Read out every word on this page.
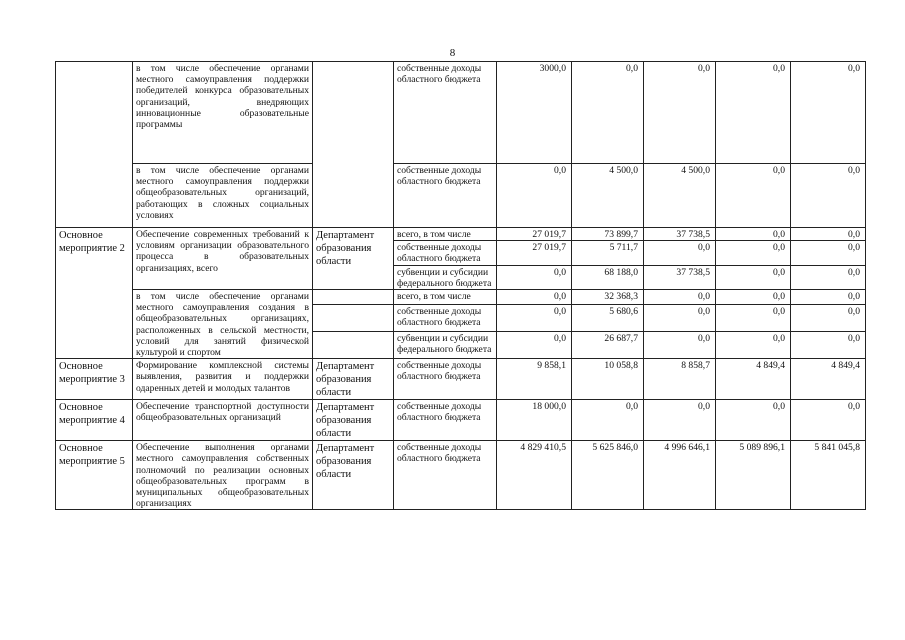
8
	в том числе обеспечение органами местного самоуправления поддержки победителей конкурса образовательных организаций, внедряющих инновационные образовательные программы		собственные доходы областного бюджета	3000,0	0,0	0,0	0,0	0,0
	в том числе обеспечение органами местного самоуправления поддержки общеобразовательных организаций, работающих в сложных социальных условиях		собственные доходы областного бюджета	0,0	4 500,0	4 500,0	0,0	0,0
Основное мероприятие 2	Обеспечение современных требований к условиям организации образовательного процесса в образовательных организациях, всего	Департамент образования области	всего, в том числе	27 019,7	73 899,7	37 738,5	0,0	0,0
			собственные доходы областного бюджета	27 019,7	5 711,7	0,0	0,0	0,0
			субвенции и субсидии федерального бюджета	0,0	68 188,0	37 738,5	0,0	0,0
	в том числе обеспечение органами местного самоуправления создания в общеобразовательных организациях, расположенных в сельской местности, условий для занятий физической культурой и спортом		всего, в том числе	0,0	32 368,3	0,0	0,0	0,0
			собственные доходы областного бюджета	0,0	5 680,6	0,0	0,0	0,0
			субвенции и субсидии федерального бюджета	0,0	26 687,7	0,0	0,0	0,0
Основное мероприятие 3	Формирование комплексной системы выявления, развития и поддержки одаренных детей и молодых талантов	Департамент образования области	собственные доходы областного бюджета	9 858,1	10 058,8	8 858,7	4 849,4	4 849,4
Основное мероприятие 4	Обеспечение транспортной доступности общеобразовательных организаций	Департамент образования области	собственные доходы областного бюджета	18 000,0	0,0	0,0	0,0	0,0
Основное мероприятие 5	Обеспечение выполнения органами местного самоуправления собственных полномочий по реализации основных общеобразовательных программ в муниципальных общеобразовательных организациях	Департамент образования области	собственные доходы областного бюджета	4 829 410,5	5 625 846,0	4 996 646,1	5 089 896,1	5 841 045,8
